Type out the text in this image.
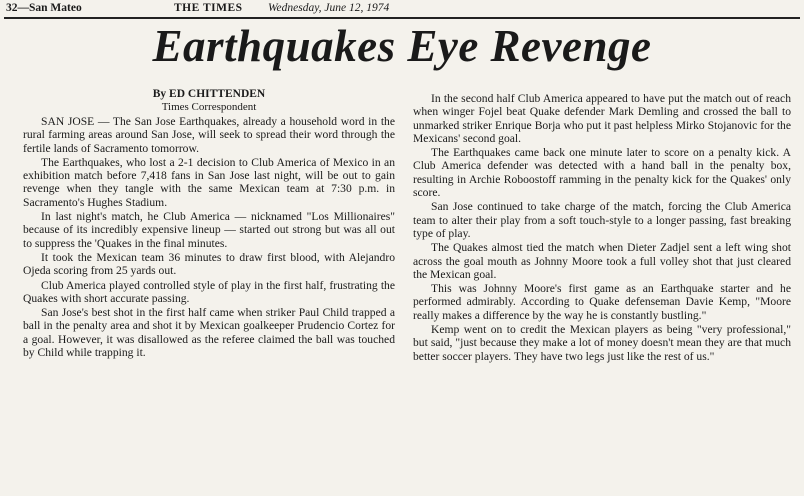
32—San Mateo	THE TIMES Wednesday, June 12, 1974
Earthquakes Eye Revenge
By ED CHITTENDEN
Times Correspondent

SAN JOSE — The San Jose Earthquakes, already a household word in the rural farming areas around San Jose, will seek to spread their word through the fertile lands of Sacramento tomorrow.

The Earthquakes, who lost a 2-1 decision to Club America of Mexico in an exhibition match before 7,418 fans in San Jose last night, will be out to gain revenge when they tangle with the same Mexican team at 7:30 p.m. in Sacramento's Hughes Stadium.

In last night's match, he Club America — nicknamed "Los Millionaires" because of its incredibly expensive lineup — started out strong but was all out to suppress the 'Quakes in the final minutes.

It took the Mexican team 36 minutes to draw first blood, with Alejandro Ojeda scoring from 25 yards out.

Club America played controlled style of play in the first half, frustrating the Quakes with short accurate passing.

San Jose's best shot in the first half came when striker Paul Child trapped a ball in the penalty area and shot it by Mexican goalkeeper Prudencio Cortez for a goal. However, it was disallowed as the referee claimed the ball was touched by Child while trapping it.

In the second half Club America appeared to have put the match out of reach when winger Fojel beat Quake defender Mark Demling and crossed the ball to unmarked striker Enrique Borja who put it past helpless Mirko Stojanovic for the Mexicans' second goal.

The Earthquakes came back one minute later to score on a penalty kick. A Club America defender was detected with a hand ball in the penalty box, resulting in Archie Roboostoff ramming in the penalty kick for the Quakes' only score.

San Jose continued to take charge of the match, forcing the Club America team to alter their play from a soft touch-style to a longer passing, fast breaking type of play.

The Quakes almost tied the match when Dieter Zadjel sent a left wing shot across the goal mouth as Johnny Moore took a full volley shot that just cleared the Mexican goal.

This was Johnny Moore's first game as an Earthquake starter and he performed admirably. According to Quake defenseman Davie Kemp, "Moore really makes a difference by the way he is constantly bustling."

Kemp went on to credit the Mexican players as being "very professional," but said, "just because they make a lot of money doesn't mean they are that much better soccer players. They have two legs just like the rest of us."
